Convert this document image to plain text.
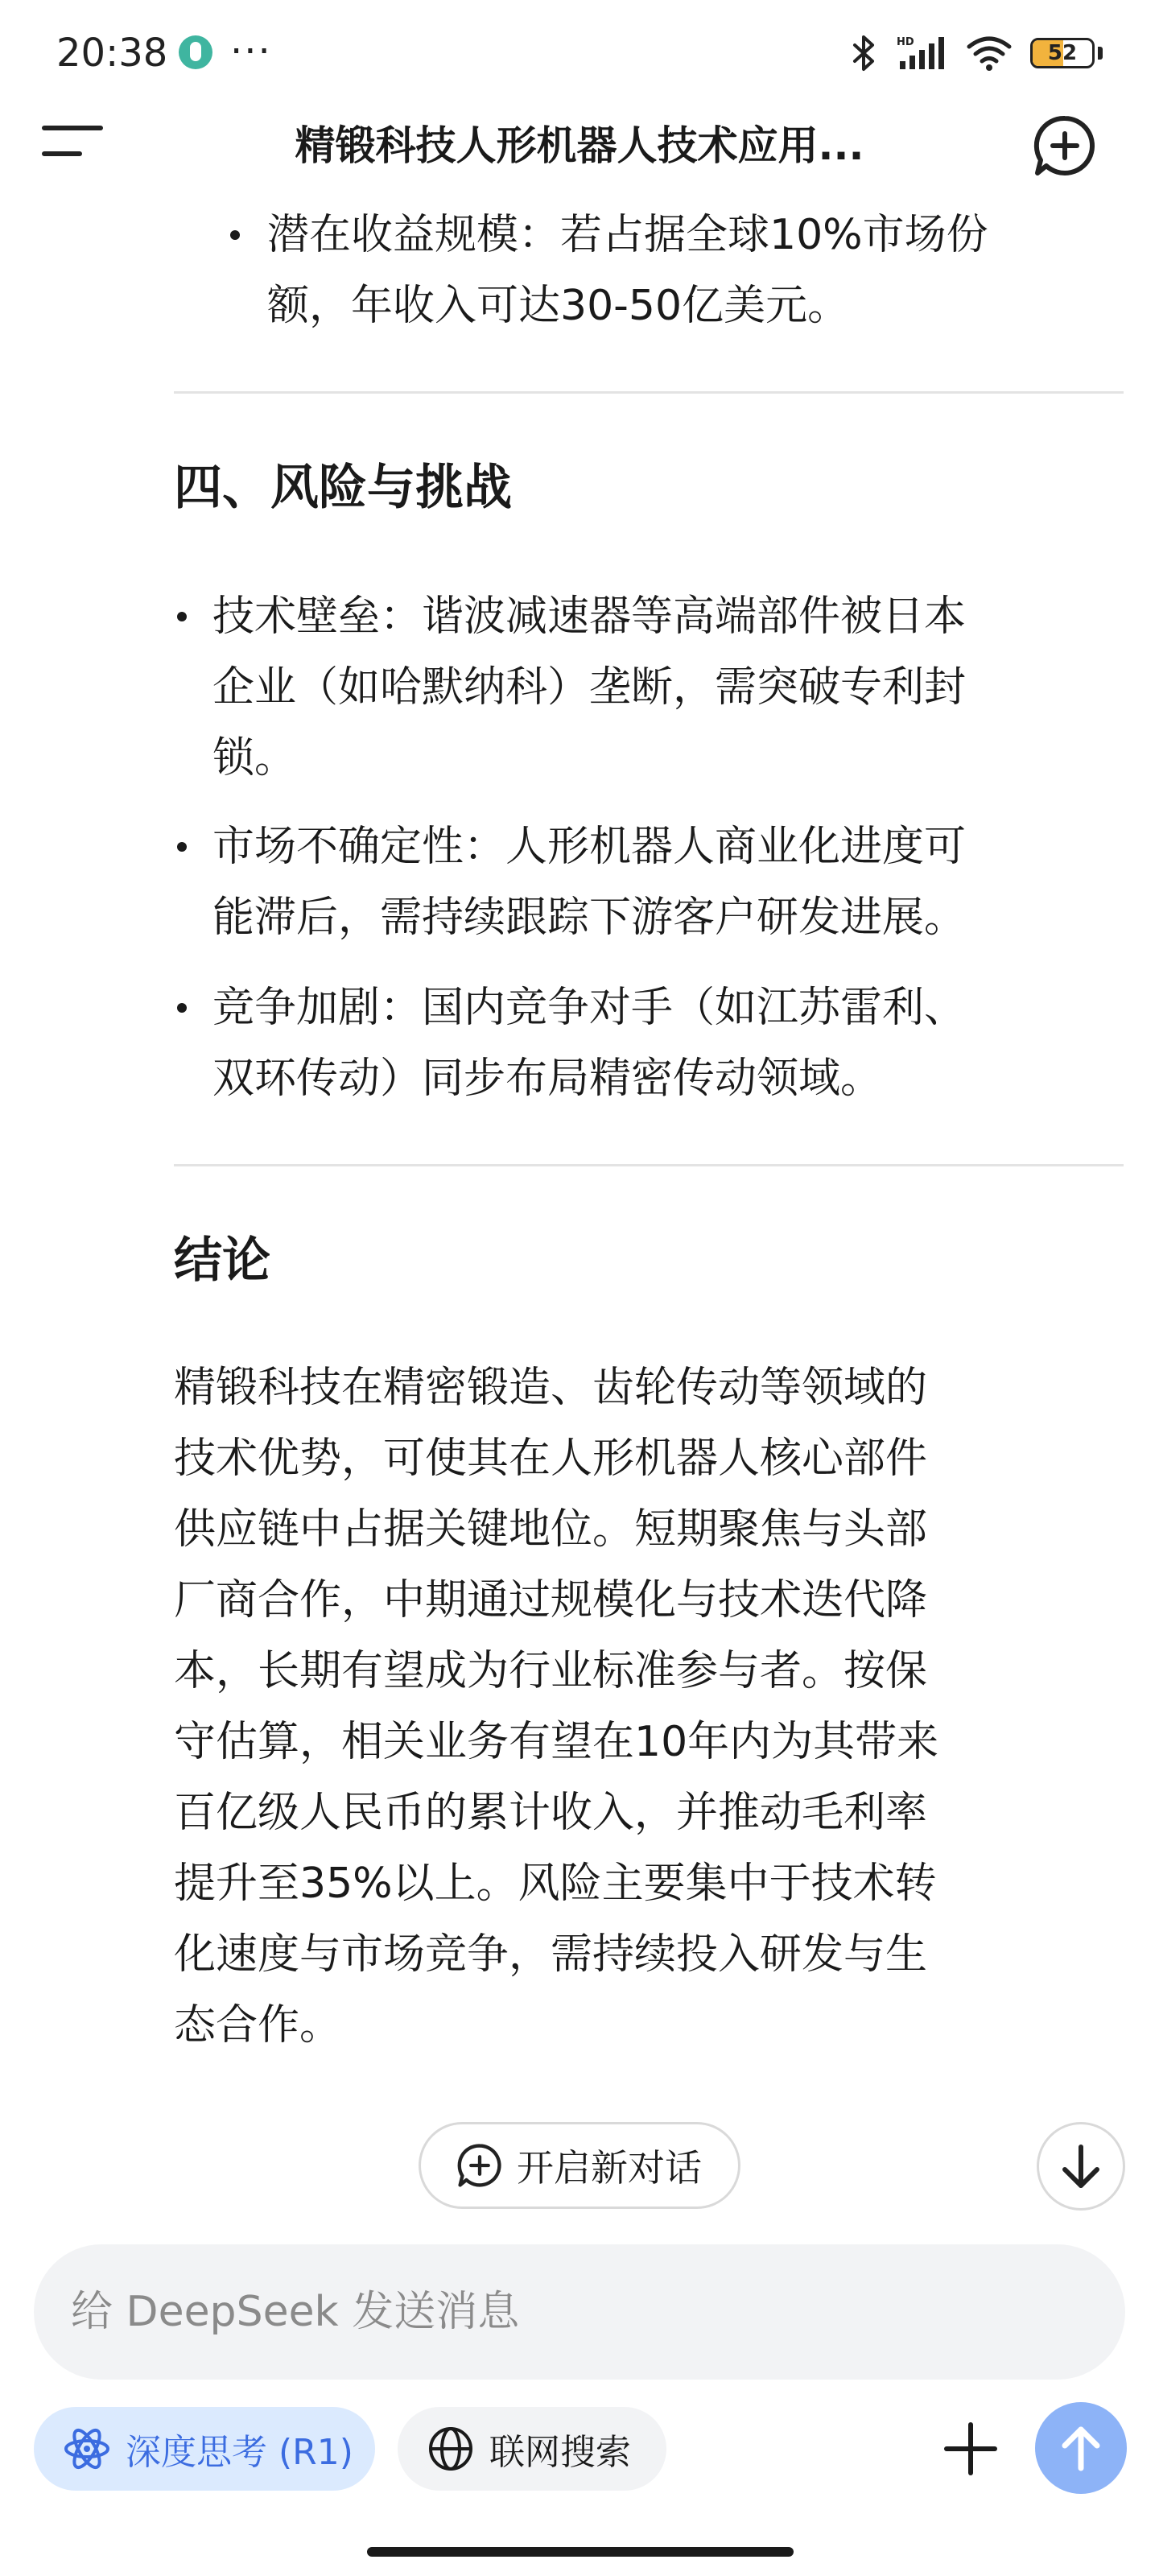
20:38 ···	HD	52
精锻科技人形机器人技术应用...
潜在收益规模：若占据全球10%市场份
额，年收入可达30-50亿美元。
四、风险与挑战
技术壁垒：谐波减速器等高端部件被日本
企业（如哈默纳科）垄断，需突破专利封
锁。
市场不确定性：人形机器人商业化进度可
能滞后，需持续跟踪下游客户研发进展。
竞争加剧：国内竞争对手（如江苏雷利、
双环传动）同步布局精密传动领域。
结论
精锻科技在精密锻造、齿轮传动等领域的
技术优势，可使其在人形机器人核心部件
供应链中占据关键地位。短期聚焦与头部
厂商合作，中期通过规模化与技术迭代降
本，长期有望成为行业标准参与者。按保
守估算，相关业务有望在10年内为其带来
百亿级人民币的累计收入，并推动毛利率
提升至35%以上。风险主要集中于技术转
化速度与市场竞争，需持续投入研发与生
态合作。
开启新对话
给 DeepSeek 发送消息
深度思考 (R1)	联网搜索
